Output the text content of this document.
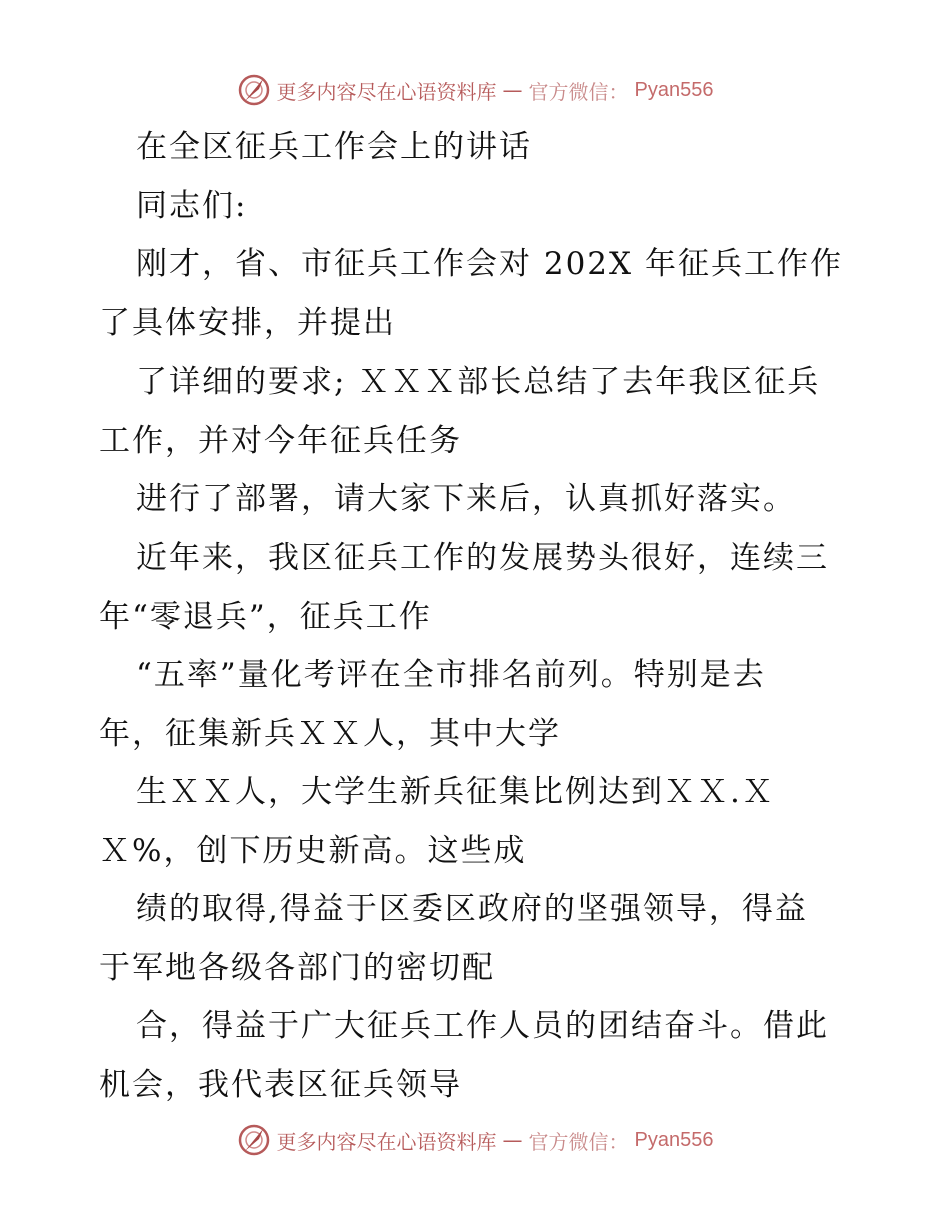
更多内容尽在心语资料库 — 官方微信： Pyan556
在全区征兵工作会上的讲话
同志们:
刚才，省、市征兵工作会对 202X 年征兵工作作
了具体安排，并提出
了详细的要求; ＸＸＸ部长总结了去年我区征兵
工作，并对今年征兵任务
进行了部署，请大家下来后，认真抓好落实。
近年来，我区征兵工作的发展势头很好，连续三
年“零退兵”，征兵工作
“五率”量化考评在全市排名前列。特别是去
年，征集新兵ＸＸ人，其中大学
生ＸＸ人，大学生新兵征集比例达到ＸＸ.Ｘ
Ｘ%，创下历史新高。这些成
绩的取得,得益于区委区政府的坚强领导，得益
于军地各级各部门的密切配
合，得益于广大征兵工作人员的团结奋斗。借此
机会，我代表区征兵领导
更多内容尽在心语资料库 — 官方微信： Pyan556
